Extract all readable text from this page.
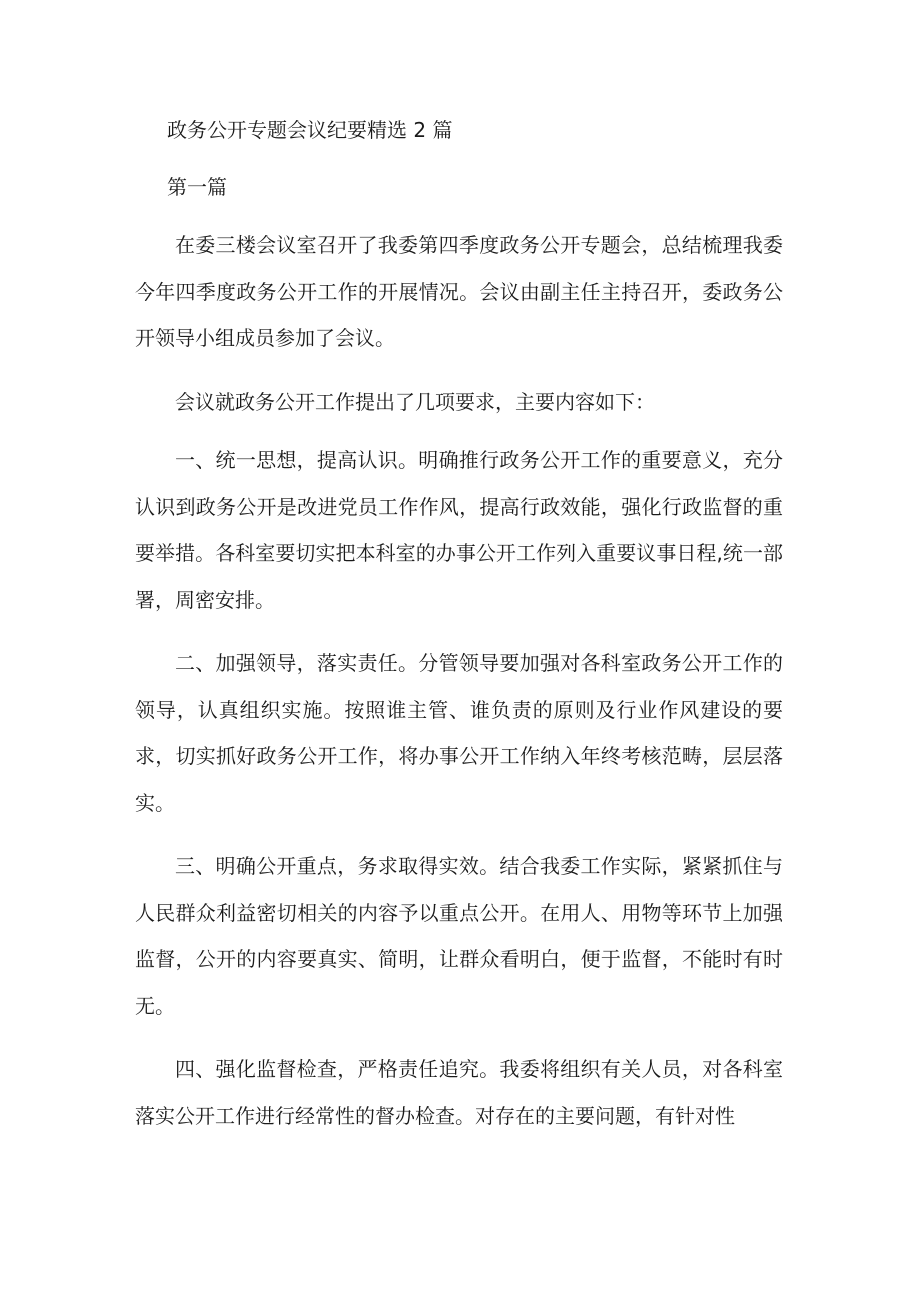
政务公开专题会议纪要精选 2 篇
第一篇

在委三楼会议室召开了我委第四季度政务公开专题会，总结梳理我委今年四季度政务公开工作的开展情况。会议由副主任主持召开，委政务公开领导小组成员参加了会议。

会议就政务公开工作提出了几项要求，主要内容如下：

一、统一思想，提高认识。明确推行政务公开工作的重要意义，充分认识到政务公开是改进党员工作作风，提高行政效能，强化行政监督的重要举措。各科室要切实把本科室的办事公开工作列入重要议事日程,统一部署，周密安排。

二、加强领导，落实责任。分管领导要加强对各科室政务公开工作的领导，认真组织实施。按照谁主管、谁负责的原则及行业作风建设的要求，切实抓好政务公开工作，将办事公开工作纳入年终考核范畴，层层落实。

三、明确公开重点，务求取得实效。结合我委工作实际，紧紧抓住与人民群众利益密切相关的内容予以重点公开。在用人、用物等环节上加强监督，公开的内容要真实、简明，让群众看明白，便于监督，不能时有时无。

四、强化监督检查，严格责任追究。我委将组织有关人员，对各科室落实公开工作进行经常性的督办检查。对存在的主要问题，有针对性
